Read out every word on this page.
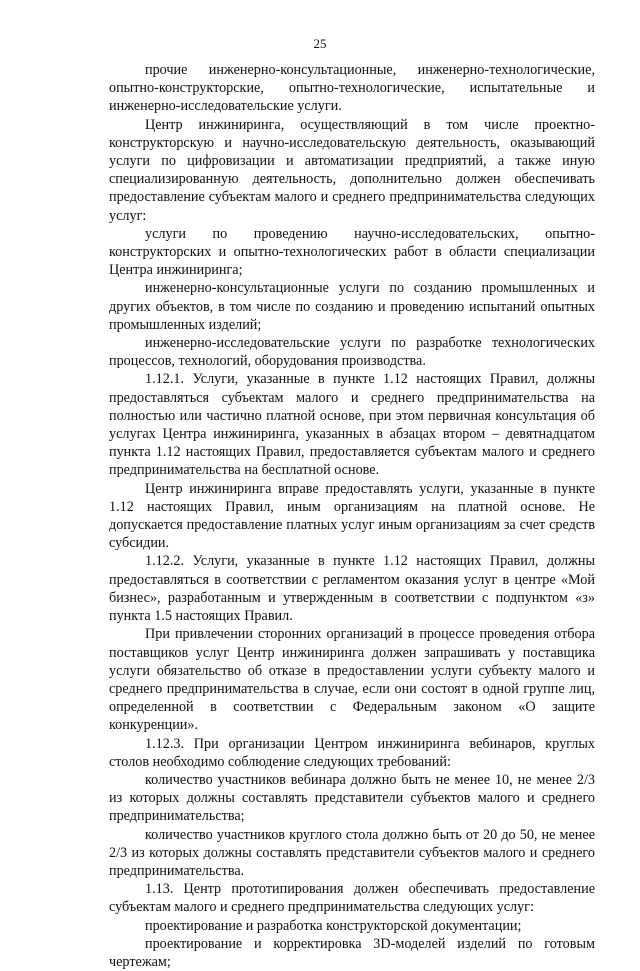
25

прочие инженерно-консультационные, инженерно-технологические, опытно-конструкторские, опытно-технологические, испытательные и инженерно-исследовательские услуги.

Центр инжиниринга, осуществляющий в том числе проектно-конструкторскую и научно-исследовательскую деятельность, оказывающий услуги по цифровизации и автоматизации предприятий, а также иную специализированную деятельность, дополнительно должен обеспечивать предоставление субъектам малого и среднего предпринимательства следующих услуг:

услуги по проведению научно-исследовательских, опытно-конструкторских и опытно-технологических работ в области специализации Центра инжиниринга;

инженерно-консультационные услуги по созданию промышленных и других объектов, в том числе по созданию и проведению испытаний опытных промышленных изделий;

инженерно-исследовательские услуги по разработке технологических процессов, технологий, оборудования производства.

1.12.1. Услуги, указанные в пункте 1.12 настоящих Правил, должны предоставляться субъектам малого и среднего предпринимательства на полностью или частично платной основе, при этом первичная консультация об услугах Центра инжиниринга, указанных в абзацах втором – девятнадцатом пункта 1.12 настоящих Правил, предоставляется субъектам малого и среднего предпринимательства на бесплатной основе.

Центр инжиниринга вправе предоставлять услуги, указанные в пункте 1.12 настоящих Правил, иным организациям на платной основе. Не допускается предоставление платных услуг иным организациям за счет средств субсидии.

1.12.2. Услуги, указанные в пункте 1.12 настоящих Правил, должны предоставляться в соответствии с регламентом оказания услуг в центре «Мой бизнес», разработанным и утвержденным в соответствии с подпунктом «з» пункта 1.5 настоящих Правил.

При привлечении сторонних организаций в процессе проведения отбора поставщиков услуг Центр инжиниринга должен запрашивать у поставщика услуги обязательство об отказе в предоставлении услуги субъекту малого и среднего предпринимательства в случае, если они состоят в одной группе лиц, определенной в соответствии с Федеральным законом «О защите конкуренции».

1.12.3. При организации Центром инжиниринга вебинаров, круглых столов необходимо соблюдение следующих требований:

количество участников вебинара должно быть не менее 10, не менее 2/3 из которых должны составлять представители субъектов малого и среднего предпринимательства;

количество участников круглого стола должно быть от 20 до 50, не менее 2/3 из которых должны составлять представители субъектов малого и среднего предпринимательства.

1.13. Центр прототипирования должен обеспечивать предоставление субъектам малого и среднего предпринимательства следующих услуг:

проектирование и разработка конструкторской документации;

проектирование и корректировка 3D-моделей изделий по готовым чертежам;
